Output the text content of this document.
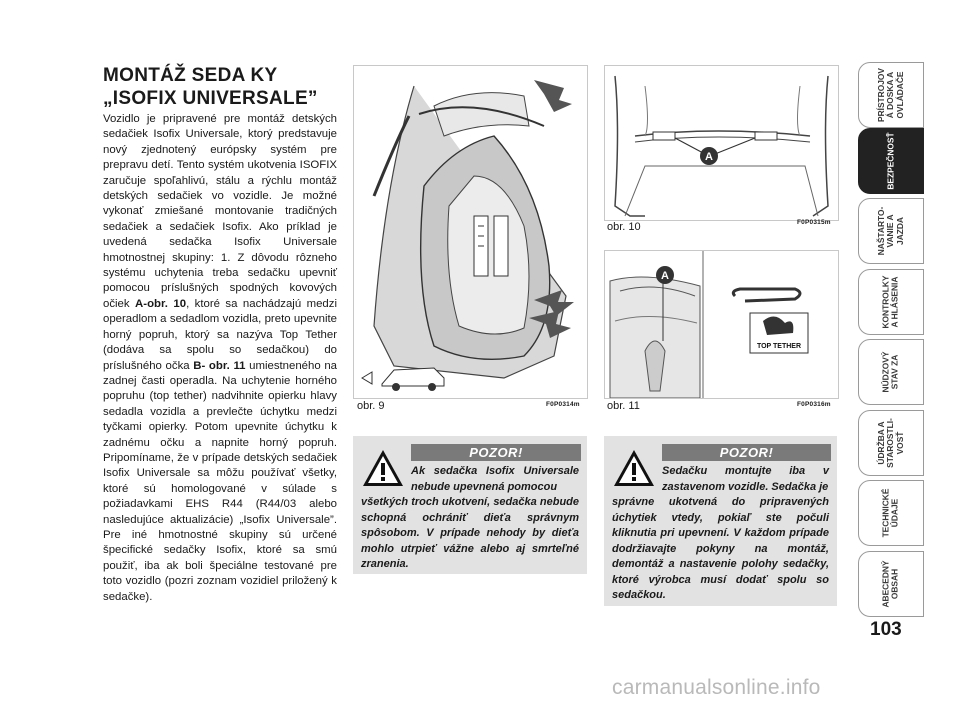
MONTÁŽ SEDA KY
„ISOFIX UNIVERSALE”
Vozidlo je pripravené pre montáž detských sedačiek Isofix Universale, ktorý predstavuje nový zjednotený európsky systém pre prepravu detí. Tento systém ukotvenia ISOFIX zaručuje spoľahlivú, stálu a rýchlu montáž detských sedačiek vo vozidle. Je možné vykonať zmiešané montovanie tradičných sedačiek a sedačiek Isofix. Ako príklad je uvedená sedačka Isofix Universale hmotnostnej skupiny: 1. Z dôvodu rôzneho systému uchytenia treba sedačku upevniť pomocou príslušných spodných kovových očiek A-obr. 10, ktoré sa nachádzajú medzi operadlom a sedadlom vozidla, preto upevnite horný popruh, ktorý sa nazýva Top Tether (dodáva sa spolu so sedačkou) do príslušného očka B- obr. 11 umiestneného na zadnej časti operadla. Na uchytenie horného popruhu (top tether) nadvihnite opierku hlavy sedadla vozidla a prevlečte úchytku medzi tyčkami opierky. Potom upevnite úchytku k zadnému očku a napnite horný popruh. Pripomíname, že v prípade detských sedačiek Isofix Universale sa môžu používať všetky, ktoré sú homologované v súlade s požiadavkami EHS R44 (R44/03 alebo nasledujúce aktualizácie) „Isofix Universale”. Pre iné hmotnostné skupiny sú určené špecifické sedačky Isofix, ktoré sa smú použiť, iba ak boli špeciálne testované pre toto vozidlo (pozri zoznam vozidiel priložený k sedačke).
obr. 9	F0P0314m
A
obr. 10	F0P0315m
A
TOP TETHER
obr. 11	F0P0316m
POZOR!
Ak sedačka Isofix Universale nebude upevnená pomocou
všetkých troch ukotvení, sedačka nebude schopná ochrániť dieťa správnym spôsobom. V prípade nehody by dieťa mohlo utrpieť vážne alebo aj smrteľné zranenia.
POZOR!
Sedačku montujte iba v zastavenom vozidle. Sedačka je
správne ukotvená do pripravených úchytiek vtedy, pokiaľ ste počuli kliknutia pri upevnení. V každom prípade dodržiavajte pokyny na montáž, demontáž a nastavenie polohy sedačky, ktoré výrobca musí dodať spolu so sedačkou.
PRÍSTROJOV
Á DOSKA A
OVLÁDAČE
BEZPEČNOSŤ
NAŠTARTO-
VANIE A
JAZDA
KONTROLKY
A HLÁSENIA
NÚDZOVÝ
STAV ZA
ÚDRŽBA A
STAROSTLI-
VOSŤ
TECHNICKÉ
ÚDAJE
ABECEDNÝ
OBSAH
103
carmanualsonline.info
